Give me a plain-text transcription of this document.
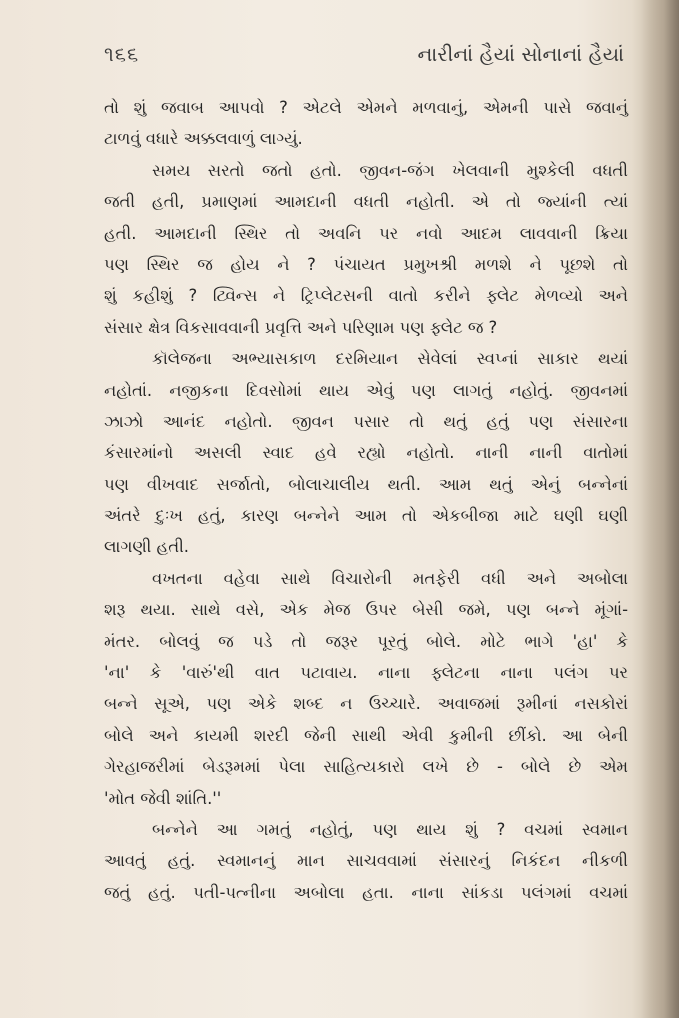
૧૬૬	નારીનાં હૈયાં સોનાનાં હૈયાં
તો શું જવાબ આપવો ? એટલે એમને મળવાનું, એમની પાસે જવાનું
ટાળવું વધારે અક્કલવાળું લાગ્યું.
સમય સરતો જતો હતો. જીવન-જંગ ખેલવાની મુશ્કેલી વધતી
જતી હતી, પ્રમાણમાં આમદાની વધતી નહોતી. એ તો જ્યાંની ત્યાં
હતી. આમદાની સ્થિર તો અવનિ પર નવો આદમ લાવવાની ક્રિયા
પણ સ્થિર જ હોય ને ? પંચાયત પ્રમુખશ્રી મળશે ને પૂછશે તો
શું કહીશું ? ટ્વિન્સ ને ટ્રિપ્લેટસની વાતો કરીને ફ્લેટ મેળવ્યો અને
સંસાર ક્ષેત્ર વિકસાવવાની પ્રવૃત્તિ અને પરિણામ પણ ફ્લેટ જ ?
કૉલેજના અભ્યાસકાળ દરમિયાન સેવેલાં સ્વપ્નાં સાકાર થયાં
નહોતાં. નજીકના દિવસોમાં થાય એવું પણ લાગતું નહોતું. જીવનમાં
ઝાઝો આનંદ નહોતો. જીવન પસાર તો થતું હતું પણ સંસારના
કંસારમાંનો અસલી સ્વાદ હવે રહ્યો નહોતો. નાની નાની વાતોમાં
પણ વીખવાદ સર્જાતો, બોલાચાલીય થતી. આમ થતું એનું બન્નેનાં
અંતરે દુઃખ હતું, કારણ બન્નેને આમ તો એકબીજા માટે ઘણી ઘણી
લાગણી હતી.
વખતના વહેવા સાથે વિચારોની મતફેરી વધી અને અબોલા
શરૂ થયા. સાથે વસે, એક મેજ ઉપર બેસી જમે, પણ બન્ને મૂંગાં-
મંતર. બોલવું જ પડે તો જરૂર પૂરતું બોલે. મોટે ભાગે 'હા' કે
'ના' કે 'વારું'થી વાત પટાવાય. નાના ફ્લેટના નાના પલંગ પર
બન્ને સૂએ, પણ એકે શબ્દ ન ઉચ્ચારે. અવાજમાં રૂમીનાં નસકોરાં
બોલે અને કાયમી શરદી જેની સાથી એવી કુમીની છીંકો. આ બેની
ગેરહાજરીમાં બેડરૂમમાં પેલા સાહિત્યકારો લખે છે - બોલે છે એમ
'મોત જેવી શાંતિ.''
બન્નેને આ ગમતું નહોતું, પણ થાય શું ? વચમાં સ્વમાન
આવતું હતું. સ્વમાનનું માન સાચવવામાં સંસારનું નિકંદન નીકળી
જતું હતું. પતી-પત્નીના અબોલા હતા. નાના સાંકડા પલંગમાં વચમાં
